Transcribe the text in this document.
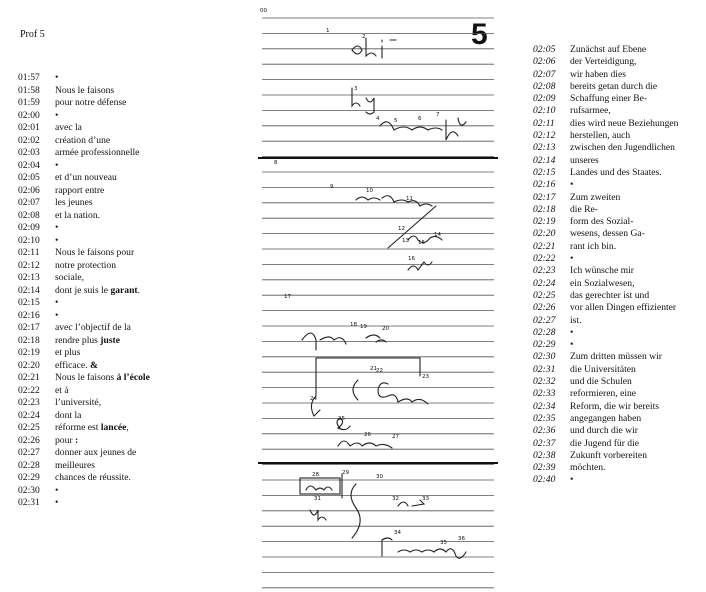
Prof 5	5
01:57 •
01:58 Nous le faisons
01:59 pour notre défense
02:00 •
02:01 avec la
02:02 création d’une
02:03 armée professionnelle
02:04 •
02:05 et d’un nouveau
02:06 rapport entre
02:07 les jeunes
02:08 et la nation.
02:09 •
02:10 •
02:11 Nous le faisons pour
02:12 notre protection
02:13 sociale,
02:14 dont je suis le garant.
02:15 •
02:16 •
02:17 avec l’objectif de la
02:18 rendre plus juste
02:19 et plus
02:20 efficace. &
02:21 Nous le faisons à l’école
02:22 et à
02:23 l’université,
02:24 dont la
02:25 réforme est lancée,
02:26 pour :
02:27 donner aux jeunes de
02:28 meilleures
02:29 chances de réussite.
02:30 •
02:31 •
02:05 Zunächst auf Ebene
02:06 der Verteidigung,
02:07 wir haben dies
02:08 bereits getan durch die
02:09 Schaffung einer Be-
02:10 rufsarmee,
02:11 dies wird neue Beziehungen
02:12 herstellen, auch
02:13 zwischen den Jugendlichen
02:14 unseres
02:15 Landes und des Staates.
02:16 •
02:17 Zum zweiten
02:18 die Re-
02:19 form des Sozial-
02:20 wesens, dessen Ga-
02:21 rant ich bin.
02:22 •
02:23 Ich wünsche mir
02:24 ein Sozialwesen,
02:25 das gerechter ist und
02:26 vor allen Dingen effizienter
02:27 ist.
02:28 •
02:29 •
02:30 Zum dritten müssen wir
02:31 die Universitäten
02:32 und die Schulen
02:33 reformieren, eine
02:34 Reform, die wir bereits
02:35 angegangen haben
02:36 und durch die wir
02:37 die Jugend für die
02:38 Zukunft vorbereiten
02:39 möchten.
02:40 •
00
1
2
3
4	5	6
7
8
9
10
11
12
13
14
15
16
17
18 19	20
21 22
23
24
25
26	27
28	29
30
31	32	33
34
35
36
